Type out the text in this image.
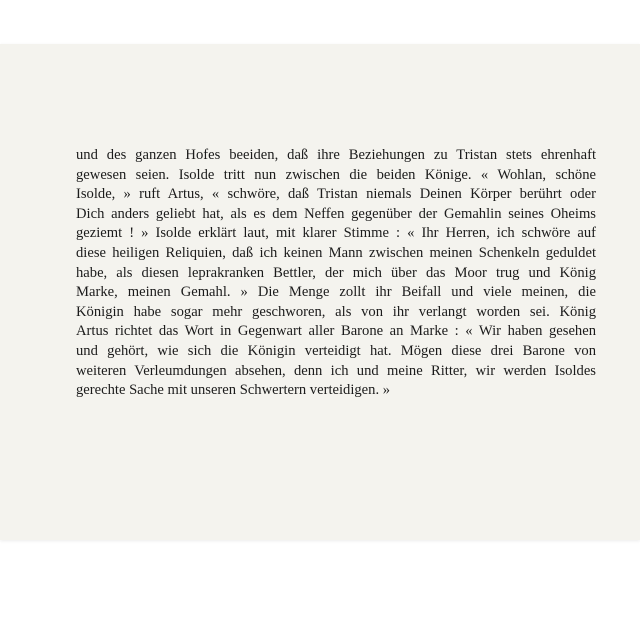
und des ganzen Hofes beeiden, daß ihre Beziehungen zu Tristan stets ehrenhaft
gewesen seien. Isolde tritt nun zwischen die beiden Könige. « Wohlan, schöne
Isolde, » ruft Artus, « schwöre, daß Tristan niemals Deinen Körper berührt oder
Dich anders geliebt hat, als es dem Neffen gegenüber der Gemahlin seines Oheims
geziemt ! » Isolde erklärt laut, mit klarer Stimme : « Ihr Herren, ich schwöre auf
diese heiligen Reliquien, daß ich keinen Mann zwischen meinen Schenkeln geduldet
habe, als diesen leprakranken Bettler, der mich über das Moor trug und König
Marke, meinen Gemahl. » Die Menge zollt ihr Beifall und viele meinen, die
Königin habe sogar mehr geschworen, als von ihr verlangt worden sei. König
Artus richtet das Wort in Gegenwart aller Barone an Marke : « Wir haben gesehen
und gehört, wie sich die Königin verteidigt hat. Mögen diese drei Barone von
weiteren Verleumdungen absehen, denn ich und meine Ritter, wir werden Isoldes
gerechte Sache mit unseren Schwertern verteidigen. »
